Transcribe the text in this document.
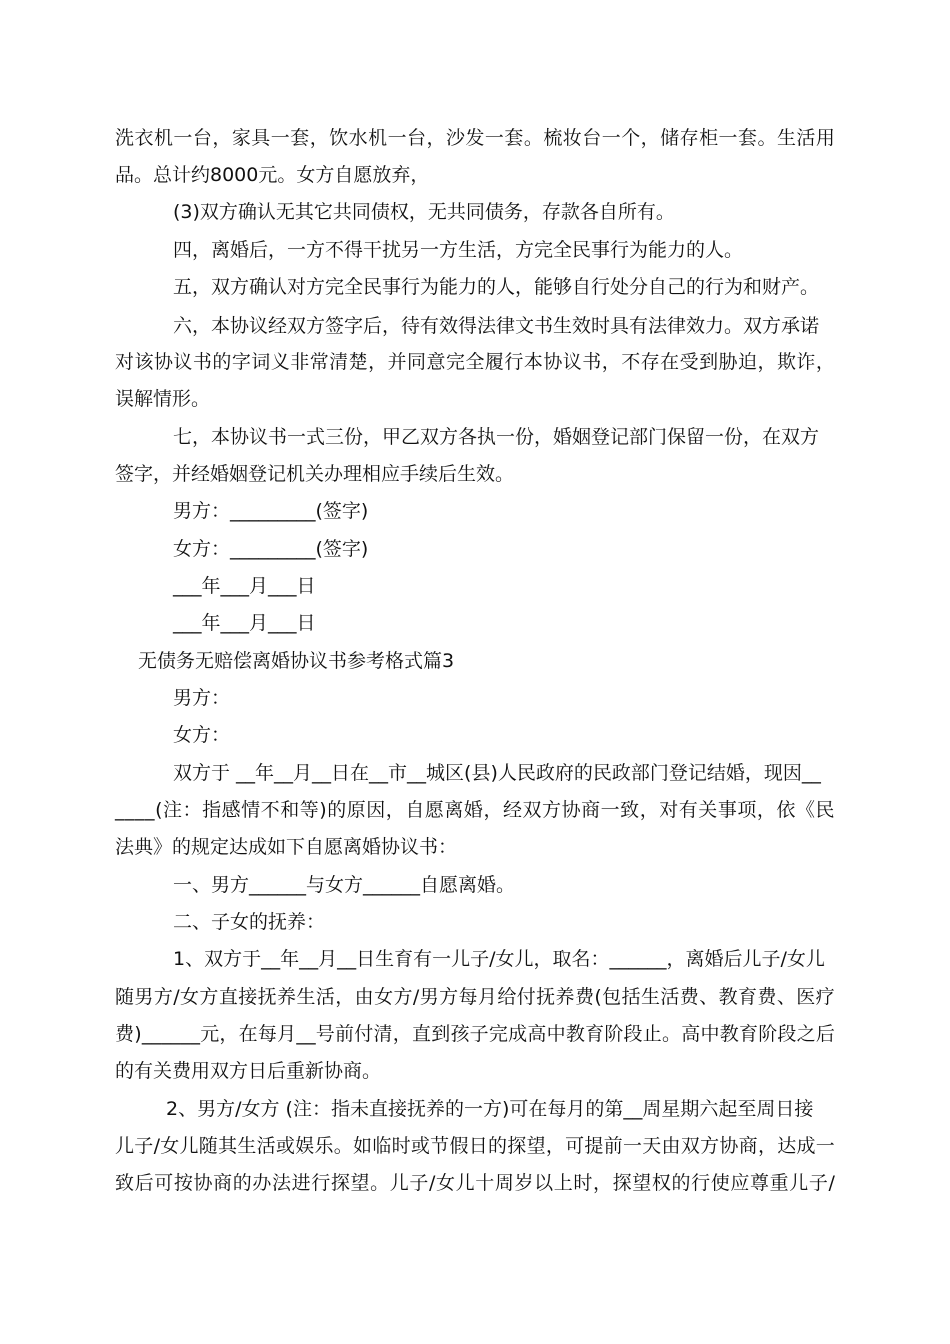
洗 衣 机 一 台 ， 家 具 一 套 ， 饮 水 机 一 台 ， 沙 发 一 套 。 梳 妆 台 一 个 ， 储 存 柜 一 套 。 生 活 用
品。总计约8000元。女方自愿放弃，
(3)双方确认无其它共同债权，无共同债务，存款各自所有。
四，离婚后，一方不得干扰另一方生活，方完全民事行为能力的人。
五，双方确认对方完全民事行为能力的人，能够自行处分自己的行为和财产。
六，本协议经双方签字后，待有效得法律文书生效时具有法律效力。双方承诺
对 该 协 议 书 的 字 词 义 非 常 清 楚 ， 并 同 意 完 全 履 行 本 协 议 书 ， 不 存 在 受 到 胁 迫 ， 欺 诈 ，
误解情形。
七，本协议书一式三份，甲乙双方各执一份，婚姻登记部门保留一份，在双方
签字，并经婚姻登记机关办理相应手续后生效。
男方：_________(签字)
女方：_________(签字)
___年___月___日
___年___月___日
无债务无赔偿离婚协议书参考格式篇3
男方：
女方：
双方于 __年__月__日在__市__城区(县)人民政府的民政部门登记结婚，现因__
_ _ _ _ ( 注 ： 指 感 情 不 和 等 ) 的 原 因 ， 自 愿 离 婚 ， 经 双 方 协 商 一 致 ， 对 有 关 事 项 ， 依 《 民
法典》的规定达成如下自愿离婚协议书：
一、男方______与女方______自愿离婚。
二、子女的抚养：
1、双方于__年__月__日生育有一儿子/女儿，取名：______，离婚后儿子/女儿
随 男 方 / 女 方 直 接 抚 养 生 活 ， 由 女 方 / 男 方 每 月 给 付 抚 养 费 ( 包 括 生 活 费 、 教 育 费 、 医 疗
费 ) _ _ _ _ _ _ 元 ， 在 每 月 _ _ 号 前 付 清 ， 直 到 孩 子 完 成 高 中 教 育 阶 段 止 。 高 中 教 育 阶 段 之 后
的有关费用双方日后重新协商。
2、男方/女方 (注：指未直接抚养的一方)可在每月的第__周星期六起至周日接
儿 子 / 女 儿 随 其 生 活 或 娱 乐 。 如 临 时 或 节 假 日 的 探 望 ， 可 提 前 一 天 由 双 方 协 商 ， 达 成 一
致 后 可 按 协 商 的 办 法 进 行 探 望 。 儿 子 / 女 儿 十 周 岁 以 上 时 ， 探 望 权 的 行 使 应 尊 重 儿 子 /
